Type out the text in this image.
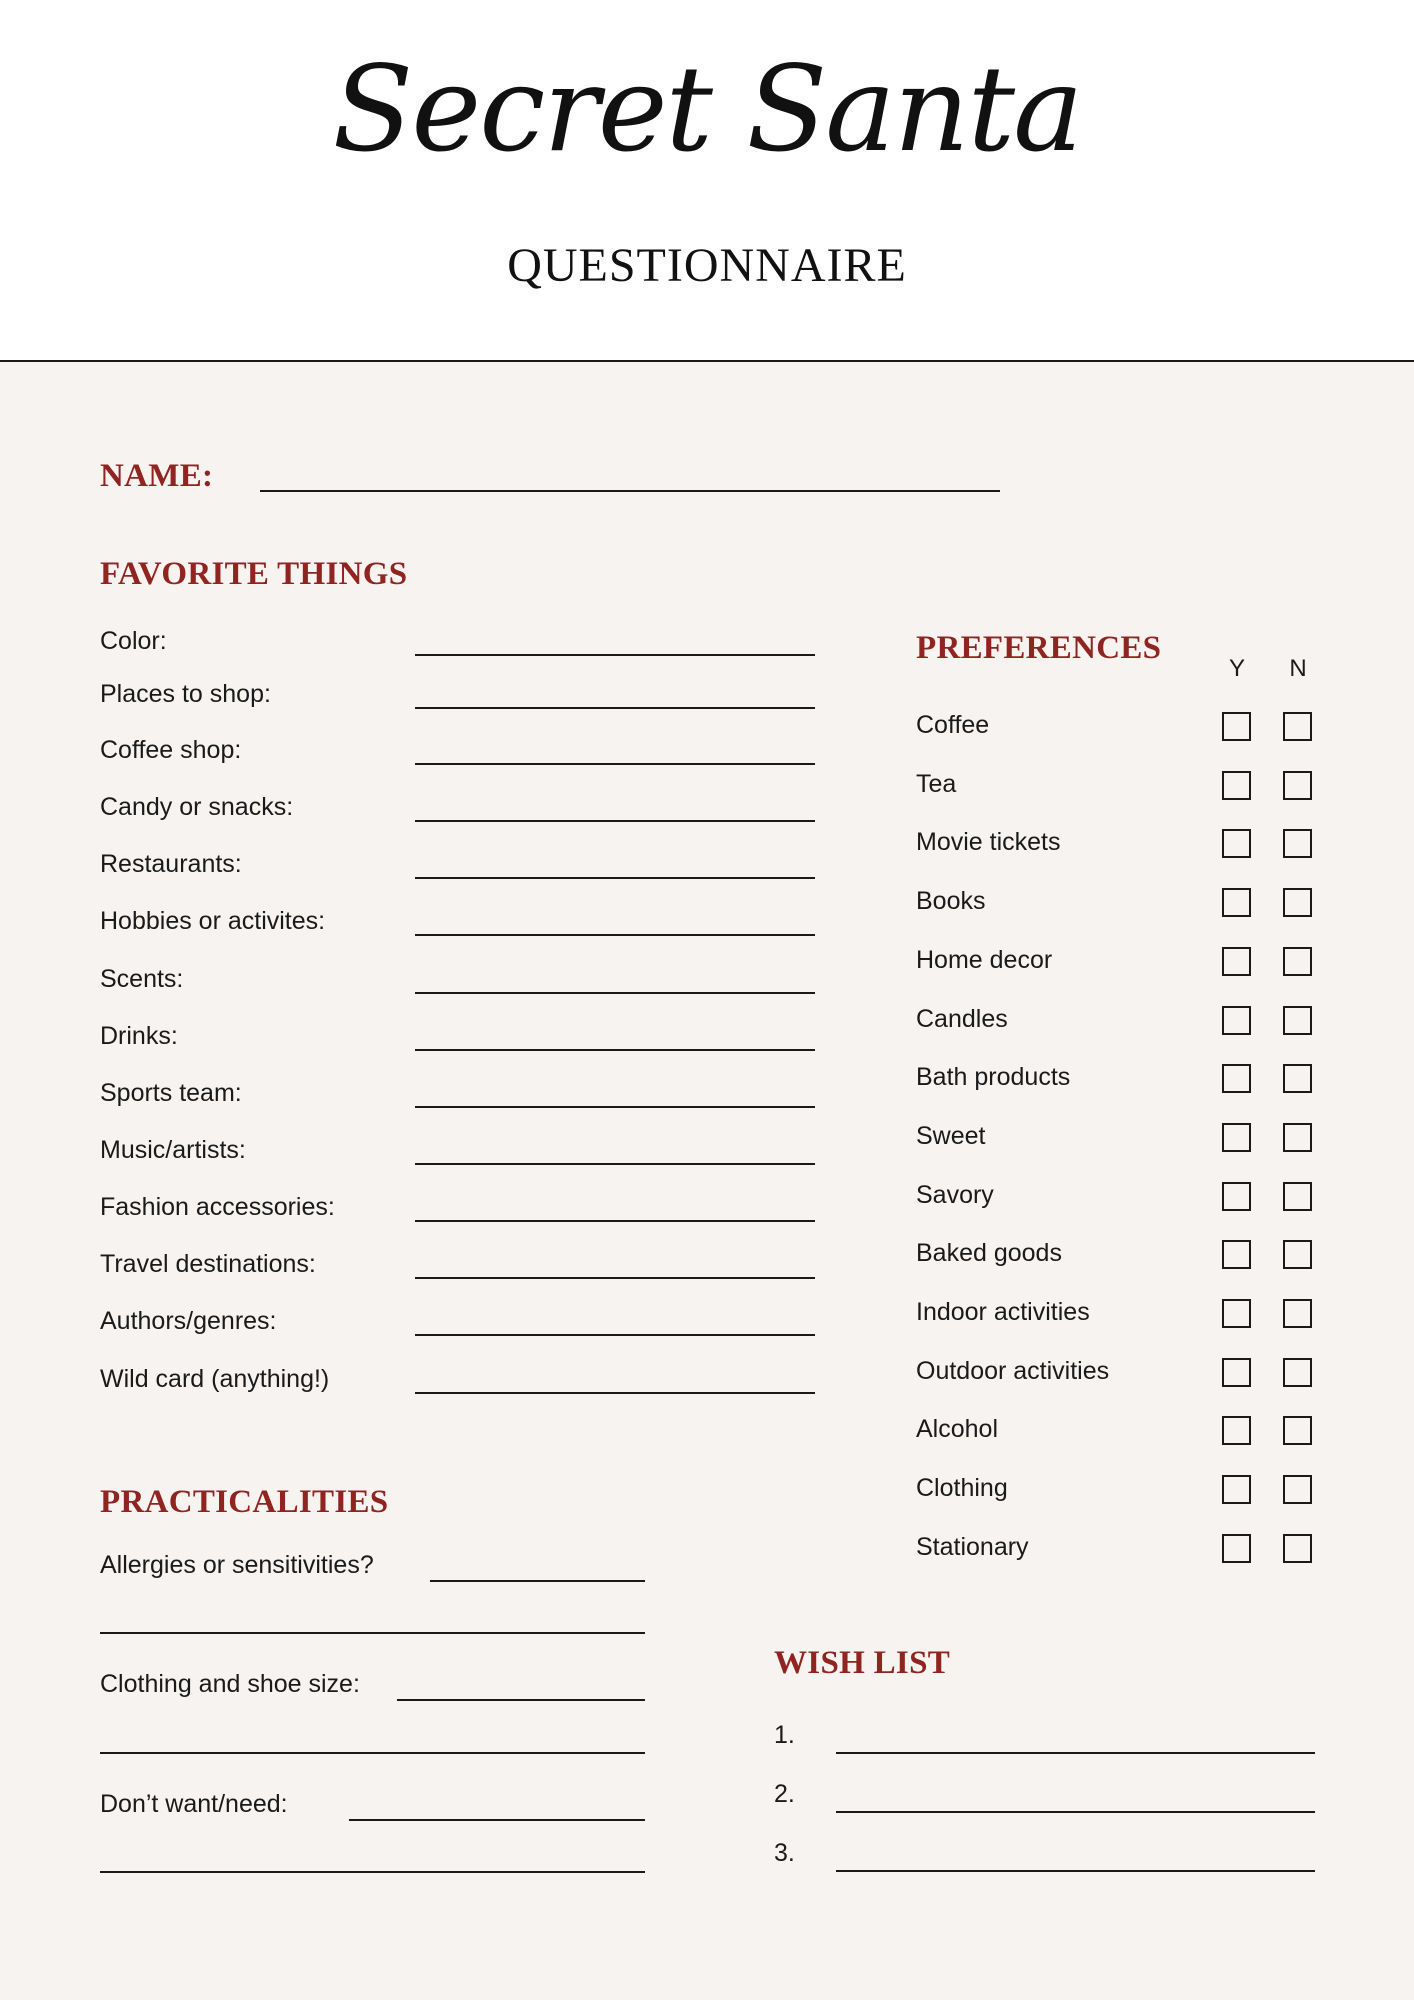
Secret Santa
QUESTIONNAIRE
NAME:
FAVORITE THINGS
Color:
Places to shop:
Coffee shop:
Candy or snacks:
Restaurants:
Hobbies or activites:
Scents:
Drinks:
Sports team:
Music/artists:
Fashion accessories:
Travel destinations:
Authors/genres:
Wild card (anything!)
PREFERENCES
Y N
Coffee
Tea
Movie tickets
Books
Home decor
Candles
Bath products
Sweet
Savory
Baked goods
Indoor activities
Outdoor activities
Alcohol
Clothing
Stationary
PRACTICALITIES
Allergies or sensitivities?
Clothing and shoe size:
Don’t want/need:
WISH LIST
1.
2.
3.
